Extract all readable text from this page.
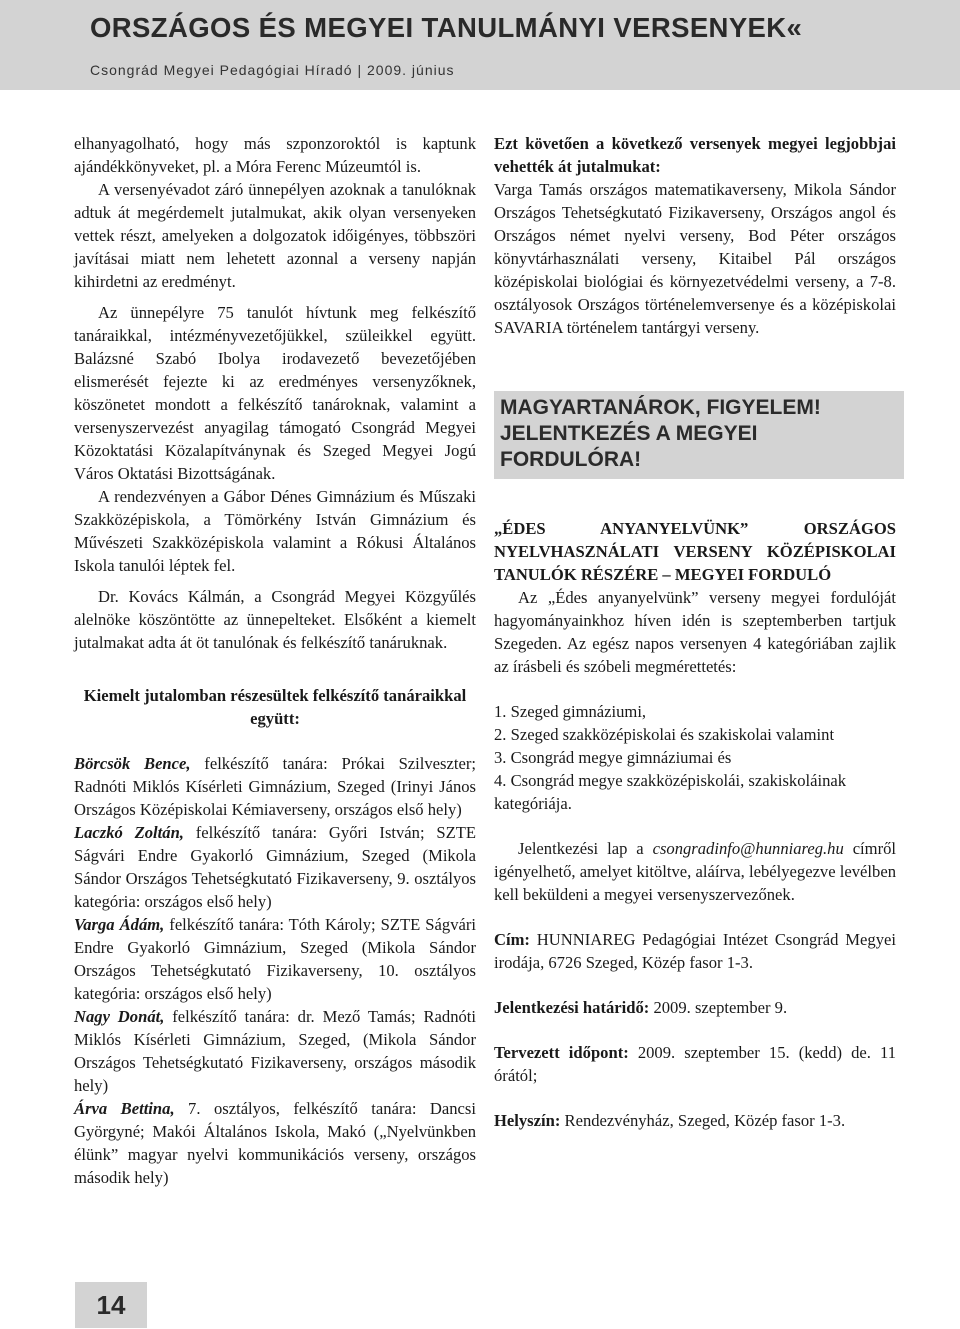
ORSZÁGOS ÉS MEGYEI TANULMÁNYI VERSENYEK«
Csongrád Megyei Pedagógiai Híradó | 2009. június

elhanyagolható, hogy más szponzoroktól is kaptunk ajándékkönyveket, pl. a Móra Ferenc Múzeumtól is.

A versenyévadot záró ünnepélyen azoknak a tanulóknak adtuk át megérdemelt jutalmukat, akik olyan versenyeken vettek részt, amelyeken a dolgozatok időigényes, többszöri javításai miatt nem lehetett azonnal a verseny napján kihirdetni az eredményt.

Az ünnepélyre 75 tanulót hívtunk meg felkészítő tanáraikkal, intézményvezetőjükkel, szüleikkel együtt. Balázsné Szabó Ibolya irodavezető bevezetőjében elismerését fejezte ki az eredményes versenyzőknek, köszönetet mondott a felkészítő tanároknak, valamint a versenyszervezést anyagilag támogató Csongrád Megyei Közoktatási Közalapítványnak és Szeged Megyei Jogú Város Oktatási Bizottságának.

A rendezvényen a Gábor Dénes Gimnázium és Műszaki Szakközépiskola, a Tömörkény István Gimnázium és Művészeti Szakközépiskola valamint a Rókusi Általános Iskola tanulói léptek fel.

Dr. Kovács Kálmán, a Csongrád Megyei Közgyűlés alelnöke köszöntötte az ünnepelteket. Elsőként a kiemelt jutalmakat adta át öt tanulónak és felkészítő tanáruknak.

Kiemelt jutalomban részesültek felkészítő tanáraikkal együtt:

Börcsök Bence, felkészítő tanára: Prókai Szilveszter; Radnóti Miklós Kísérleti Gimnázium, Szeged (Irinyi János Országos Középiskolai Kémiaverseny, országos első hely)

Laczkó Zoltán, felkészítő tanára: Győri István; SZTE Ságvári Endre Gyakorló Gimnázium, Szeged (Mikola Sándor Országos Tehetségkutató Fizikaverseny, 9. osztályos kategória: országos első hely)

Varga Ádám, felkészítő tanára: Tóth Károly; SZTE Ságvári Endre Gyakorló Gimnázium, Szeged (Mikola Sándor Országos Tehetségkutató Fizikaverseny, 10. osztályos kategória: országos első hely)

Nagy Donát, felkészítő tanára: dr. Mező Tamás; Radnóti Miklós Kísérleti Gimnázium, Szeged, (Mikola Sándor Országos Tehetségkutató Fizikaverseny, országos második hely)

Árva Bettina, 7. osztályos, felkészítő tanára: Dancsi Györgyné; Makói Általános Iskola, Makó („Nyelvünkben élünk” magyar nyelvi kommunikációs verseny, országos második hely)

Ezt követően a következő versenyek megyei legjobbjai vehették át jutalmukat:

Varga Tamás országos matematikaverseny, Mikola Sándor Országos Tehetségkutató Fizikaverseny, Országos angol és Országos német nyelvi verseny, Bod Péter országos könyvtárhasználati verseny, Kitaibel Pál országos középiskolai biológiai és környezetvédelmi verseny, a 7-8. osztályosok Országos történelemversenye és a középiskolai SAVARIA történelem tantárgyi verseny.

MAGYARTANÁROK, FIGYELEM! JELENTKEZÉS A MEGYEI FORDULÓRA!

„ÉDES ANYANYELVÜNK” ORSZÁGOS NYELVHASZNÁLATI VERSENY KÖZÉPISKOLAI TANULÓK RÉSZÉRE – MEGYEI FORDULÓ

Az „Édes anyanyelvünk” verseny megyei fordulóját hagyományainkhoz híven idén is szeptemberben tartjuk Szegeden. Az egész napos versenyen 4 kategóriában zajlik az írásbeli és szóbeli megmérettetés:

1. Szeged gimnáziumi,

2. Szeged szakközépiskolai és szakiskolai valamint

3. Csongrád megye gimnáziumai és

4. Csongrád megye szakközépiskolái, szakiskoláinak kategóriája.

Jelentkezési lap a csongradinfo@hunniareg.hu címről igényelhető, amelyet kitöltve, aláírva, lebélyegezve levélben kell beküldeni a megyei versenyszervezőnek.

Cím: HUNNIAREG Pedagógiai Intézet Csongrád Megyei irodája, 6726 Szeged, Közép fasor 1-3.

Jelentkezési határidő: 2009. szeptember 9.

Tervezett időpont: 2009. szeptember 15. (kedd) de. 11 órától;

Helyszín: Rendezvényház, Szeged, Közép fasor 1-3.

14
